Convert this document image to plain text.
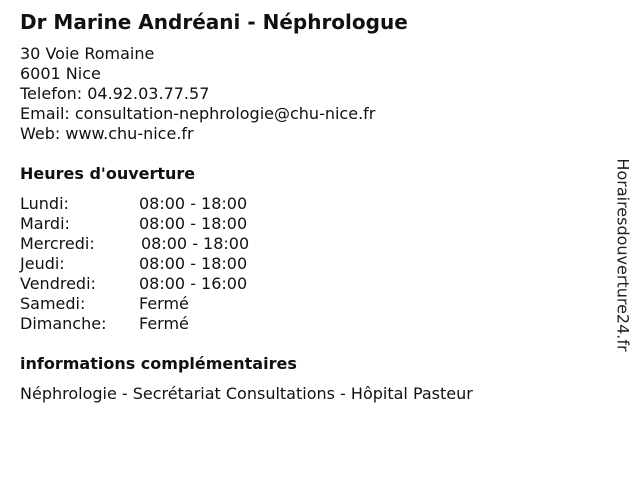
Dr Marine Andréani - Néphrologue
30 Voie Romaine
6001 Nice
Telefon: 04.92.03.77.57
Email: consultation-nephrologie@chu-nice.fr
Web: www.chu-nice.fr
Heures d'ouverture
Lundi:	08:00 - 18:00
Mardi:	08:00 - 18:00
Mercredi:	08:00 - 18:00
Jeudi:	08:00 - 18:00
Vendredi:	08:00 - 16:00
Samedi:	Fermé
Dimanche: Fermé
informations complémentaires
Néphrologie - Secrétariat Consultations - Hôpital Pasteur
Horairesdouverture24.fr
